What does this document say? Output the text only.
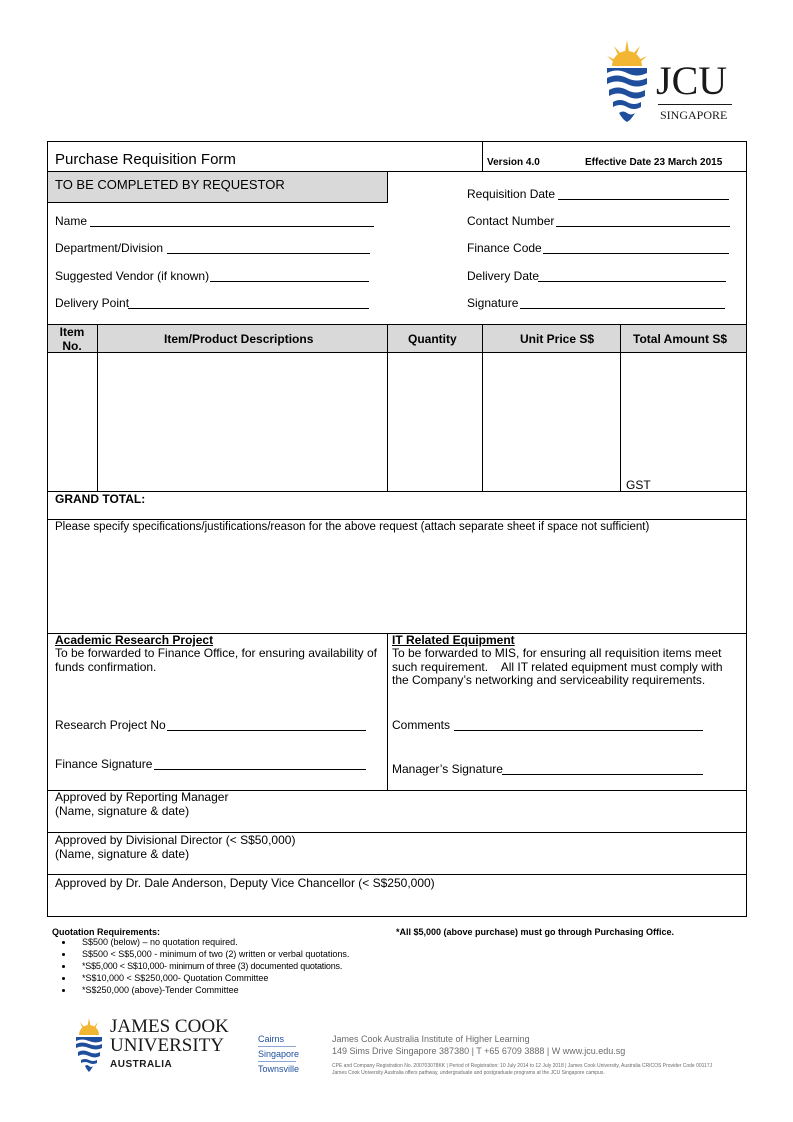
JCU
SINGAPORE
Purchase Requisition Form	Version 4.0	Effective Date 23 March 2015
TO BE COMPLETED BY REQUESTOR
Name
Department/Division
Suggested Vendor (if known)
Delivery Point
Requisition Date
Contact Number
Finance Code
Delivery Date
Signature
Item No.	Item/Product Descriptions	Quantity	Unit Price S$	Total Amount S$
GST
GRAND TOTAL:
Please specify specifications/justifications/reason for the above request (attach separate sheet if space not sufficient)
Academic Research Project
To be forwarded to Finance Office, for ensuring availability of funds confirmation.
Research Project No
Finance Signature
IT Related Equipment
To be forwarded to MIS, for ensuring all requisition items meet such requirement.    All IT related equipment must comply with the Company’s networking and serviceability requirements.
Comments
Manager’s Signature
Approved by Reporting Manager
(Name, signature & date)
Approved by Divisional Director (< S$50,000)
(Name, signature & date)
Approved by Dr. Dale Anderson, Deputy Vice Chancellor (< S$250,000)
Quotation Requirements:	*All $5,000 (above purchase) must go through Purchasing Office.
S$500 (below) – no quotation required.
S$500 < S$5,000 - minimum of two (2) written or verbal quotations.
*S$5,000 < S$10,000- minimum of three (3) documented quotations.
*S$10,000 < S$250,000- Quotation Committee
*S$250,000 (above)-Tender Committee
JAMES COOK
UNIVERSITY
AUSTRALIA
Cairns
Singapore
Townsville
James Cook Australia Institute of Higher Learning
149 Sims Drive Singapore 387380 | T +65 6709 3888 | W www.jcu.edu.sg
CPE and Company Registration No. 200703078KK | Period of Registration: 10 July 2014 to 12 July 2018 | James Cook University, Australia CRICOS Provider Code 00117J
James Cook University Australia offers pathway, undergraduate and postgraduate programs at the JCU Singapore campus.
